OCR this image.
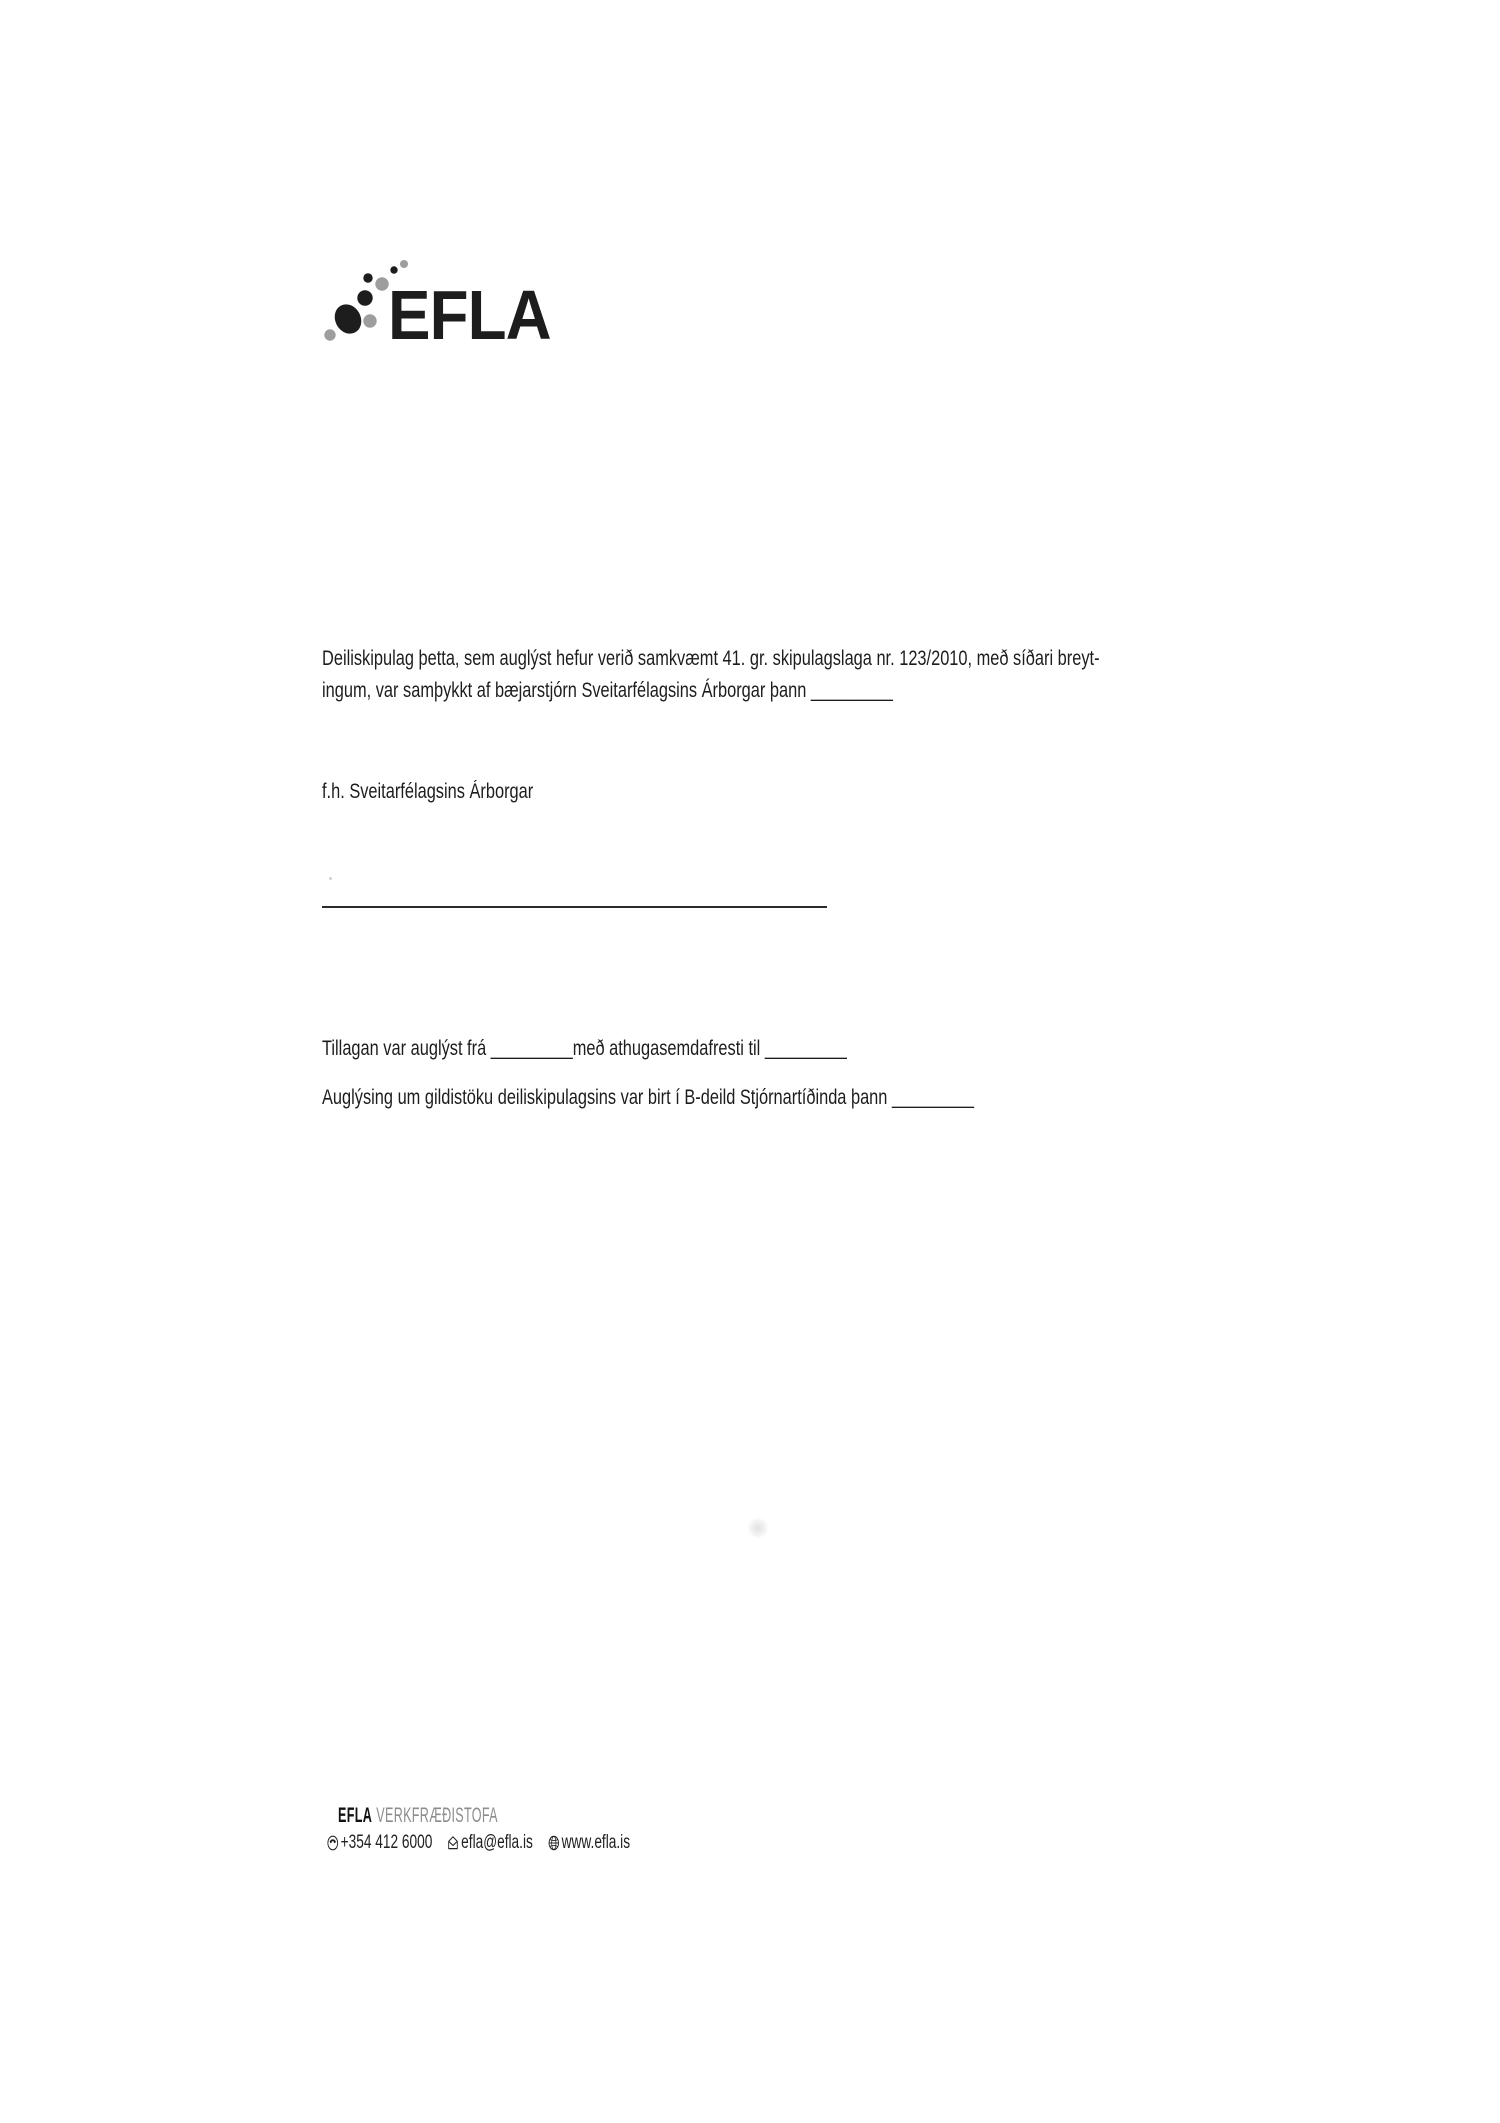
EFLA
Deiliskipulag þetta, sem auglýst hefur verið samkvæmt 41. gr. skipulagslaga nr. 123/2010, með síðari breyt-
ingum, var samþykkt af bæjarstjórn Sveitarfélagsins Árborgar þann _________
f.h. Sveitarfélagsins Árborgar
Tillagan var auglýst frá _________með athugasemdafresti til _________
Auglýsing um gildistöku deiliskipulagsins var birt í B-deild Stjórnartíðinda þann _________
EFLA VERKFRÆÐISTOFA
+354 412 6000 efla@efla.is www.efla.is
